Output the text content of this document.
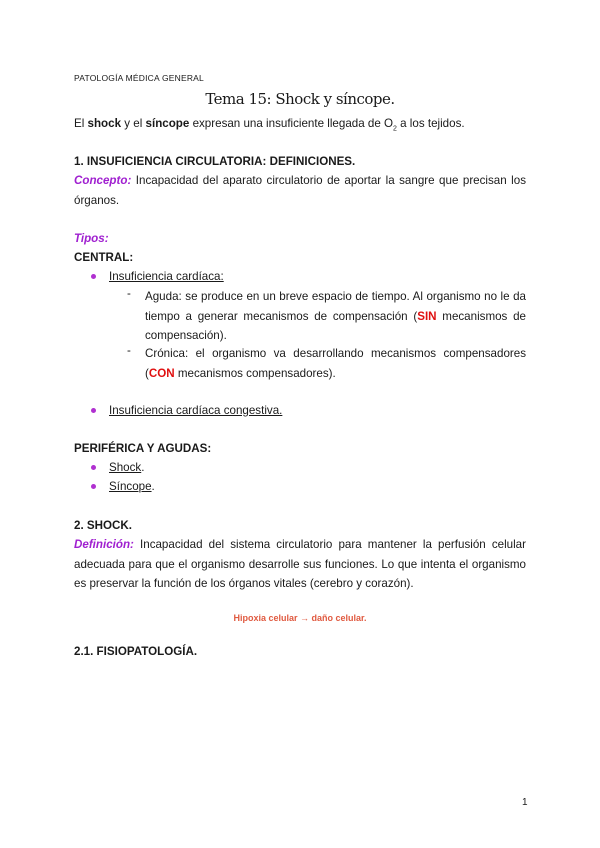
PATOLOGÍA MÉDICA GENERAL
Tema 15: Shock y síncope.
El shock y el síncope expresan una insuficiente llegada de $O_2$ a los tejidos.
1. INSUFICIENCIA CIRCULATORIA: DEFINICIONES.
Concepto: Incapacidad del aparato circulatorio de aportar la sangre que precisan los órganos.
Tipos:
CENTRAL:
Insuficiencia cardíaca:
- Aguda: se produce en un breve espacio de tiempo. Al organismo no le da tiempo a generar mecanismos de compensación (SIN mecanismos de compensación).
- Crónica: el organismo va desarrollando mecanismos compensadores (CON mecanismos compensadores).
Insuficiencia cardíaca congestiva.
PERIFÉRICA Y AGUDAS:
Shock.
Síncope.
2. SHOCK.
Definición: Incapacidad del sistema circulatorio para mantener la perfusión celular adecuada para que el organismo desarrolle sus funciones. Lo que intenta el organismo es preservar la función de los órganos vitales (cerebro y corazón).
Hipoxia celular → daño celular.
2.1. FISIOPATOLOGÍA.
1
